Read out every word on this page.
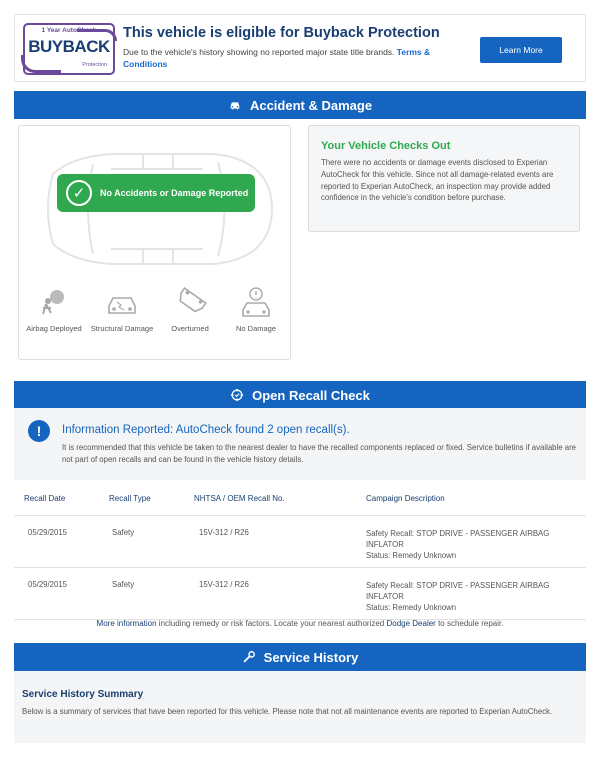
1 Year AutoCheck
BUYBACK
Protection
This vehicle is eligible for Buyback Protection
Due to the vehicle's history showing no reported major state title brands. Terms & Conditions
Learn More
Accident & Damage
✓	No Accidents or Damage Reported
Airbag Deployed	Structural Damage	Overturned	No Damage
Your Vehicle Checks Out
There were no accidents or damage events disclosed to Experian AutoCheck for this vehicle. Since not all damage-related events are reported to Experian AutoCheck, an inspection may provide added confidence in the vehicle's condition before purchase.
Open Recall Check
!	Information Reported: AutoCheck found 2 open recall(s).
It is recommended that this vehicle be taken to the nearest dealer to have the recalled components replaced or fixed. Service bulletins if available are not part of open recalls and can be found in the vehicle history details.
Recall Date	Recall Type	NHTSA / OEM Recall No.	Campaign Description
05/29/2015	Safety	15V-312 / R26	Safety Recall: STOP DRIVE - PASSENGER AIRBAG INFLATOR
Status: Remedy Unknown
05/29/2015	Safety	15V-312 / R26	Safety Recall: STOP DRIVE - PASSENGER AIRBAG INFLATOR
Status: Remedy Unknown
More information including remedy or risk factors. Locate your nearest authorized Dodge Dealer to schedule repair.
Service History
Service History Summary
Below is a summary of services that have been reported for this vehicle. Please note that not all maintenance events are reported to Experian AutoCheck.
